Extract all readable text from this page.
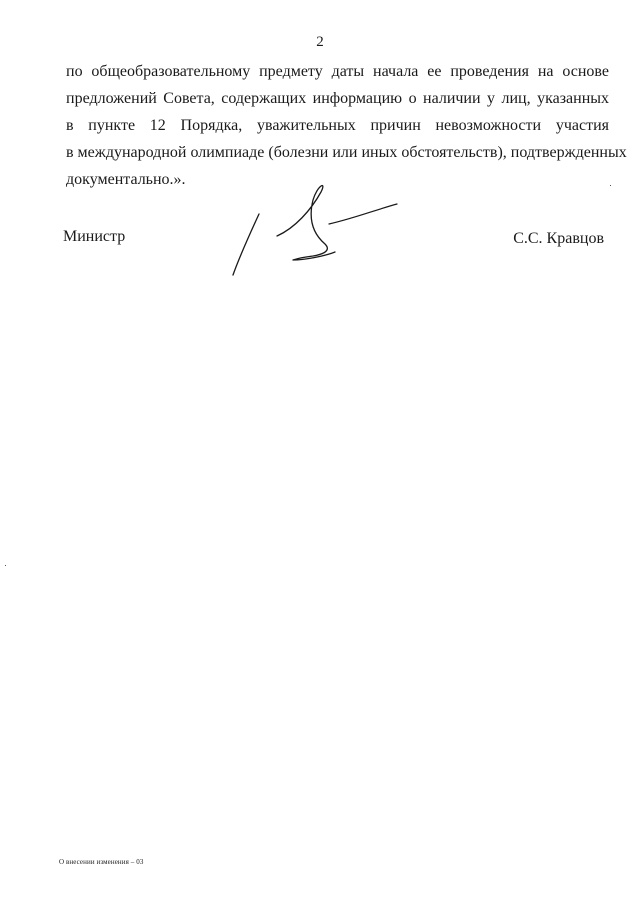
2
по общеобразовательному предмету даты начала ее проведения на основе
предложений Совета, содержащих информацию о наличии у лиц, указанных
в пункте 12 Порядка, уважительных причин невозможности участия
в международной олимпиаде (болезни или иных обстоятельств), подтвержденных
документально.».
Министр	С.С. Кравцов
О внесении изменения – 03
